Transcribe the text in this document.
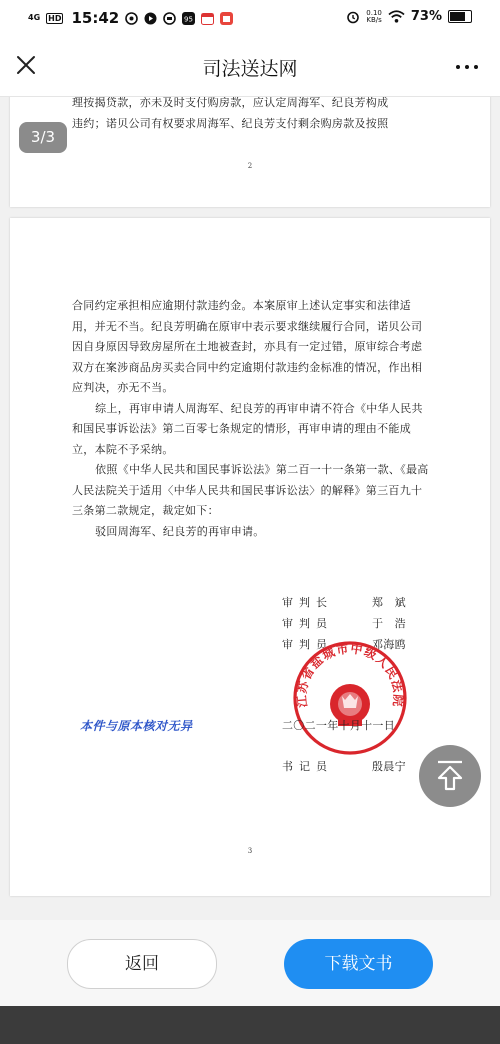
4G HD 15:42	95
0.10
KB/s 73%
司法送达网

理按揭贷款，亦未及时支付购房款，应认定周海军、纪良芳构成

违约；诺贝公司有权要求周海军、纪良芳支付剩余购房款及按照

2

合同约定承担相应逾期付款违约金。本案原审上述认定事实和法律适用，并无不当。纪良芳明确在原审中表示要求继续履行合同，诺贝公司因自身原因导致房屋所在土地被查封，亦具有一定过错，原审综合考虑双方在案涉商品房买卖合同中约定逾期付款违约金标准的情况，作出相应判决，亦无不当。

综上，再审申请人周海军、纪良芳的再审申请不符合《中华人民共和国民事诉讼法》第二百零七条规定的情形，再审申请的理由不能成立，本院不予采纳。

依照《中华人民共和国民事诉讼法》第二百一十一条第一款、《最高人民法院关于适用〈中华人民共和国民事诉讼法〉的解释》第三百九十三条第二款规定，裁定如下：

驳回周海军、纪良芳的再审申请。

审判长	郑　斌
审判员	于　浩
审判员	邓海鸥
江苏省盐城市中级人民法院
二〇二一年十月十一日
书记员	殷晨宁
本件与原本核对无异
3
3/3
返回	下载文书
